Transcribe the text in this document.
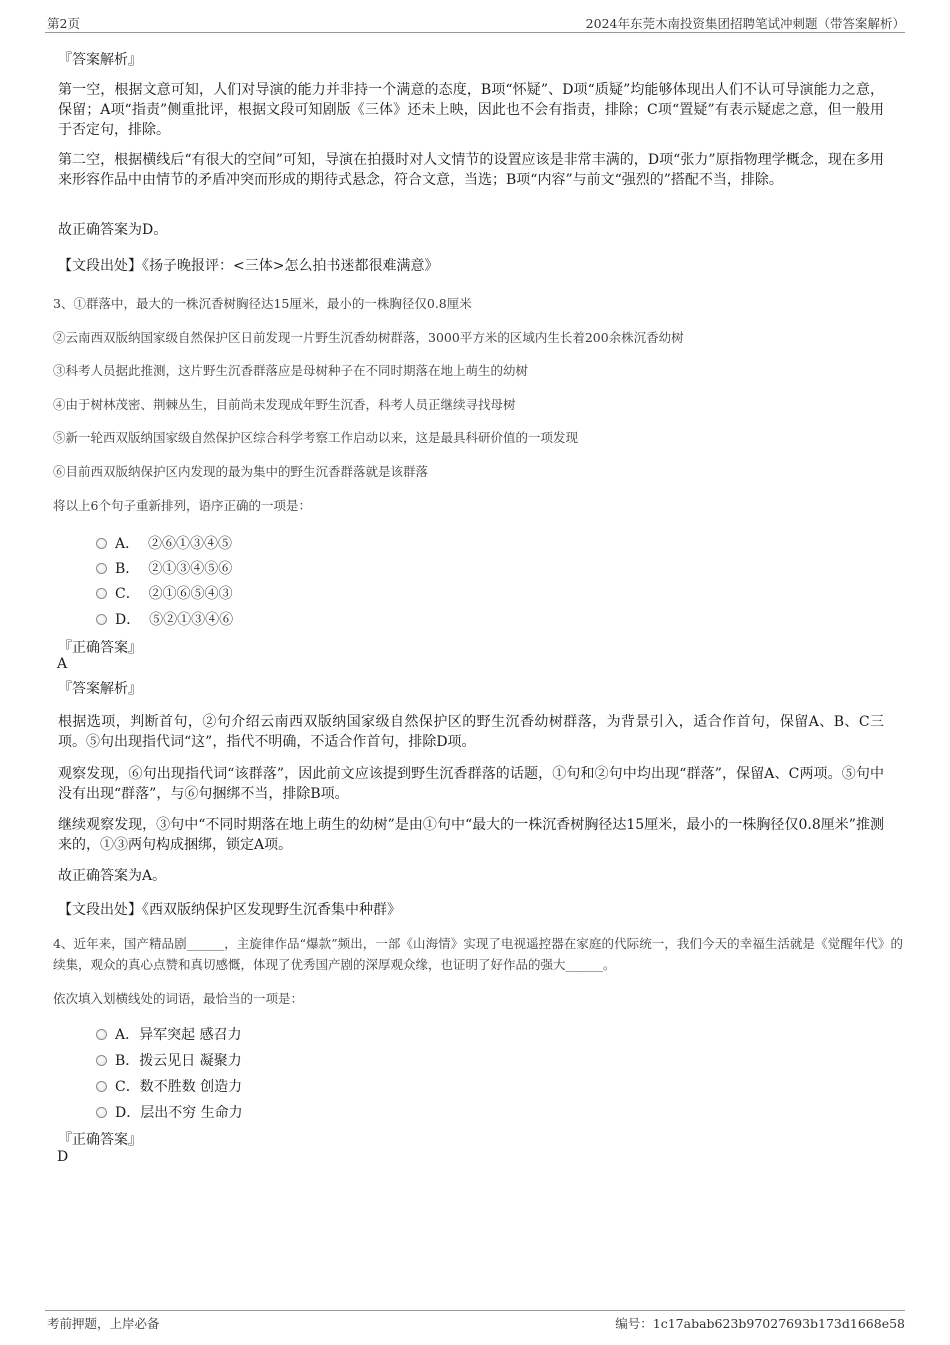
第2页	2024年东莞木南投资集团招聘笔试冲刺题（带答案解析）
『答案解析』
第一空，根据文意可知，人们对导演的能力并非持一个满意的态度，B项“怀疑”、D项“质疑”均能够体现出人们不认可导演能力之意，保留；A项“指责”侧重批评，根据文段可知剧版《三体》还未上映，因此也不会有指责，排除；C项“置疑”有表示疑虑之意，但一般用于否定句，排除。
第二空，根据横线后“有很大的空间”可知，导演在拍摄时对人文情节的设置应该是非常丰满的，D项“张力”原指物理学概念，现在多用来形容作品中由情节的矛盾冲突而形成的期待式悬念，符合文意，当选；B项“内容”与前文“强烈的”搭配不当，排除。
故正确答案为D。
【文段出处】《扬子晚报评：<三体>怎么拍书迷都很难满意》
3、①群落中，最大的一株沉香树胸径达15厘米，最小的一株胸径仅0.8厘米
②云南西双版纳国家级自然保护区日前发现一片野生沉香幼树群落，3000平方米的区域内生长着200余株沉香幼树
③科考人员据此推测，这片野生沉香群落应是母树种子在不同时期落在地上萌生的幼树
④由于树林茂密、荆棘丛生，目前尚未发现成年野生沉香，科考人员正继续寻找母树
⑤新一轮西双版纳国家级自然保护区综合科学考察工作启动以来，这是最具科研价值的一项发现
⑥目前西双版纳保护区内发现的最为集中的野生沉香群落就是该群落
将以上6个句子重新排列，语序正确的一项是：
A． ②⑥①③④⑤
B． ②①③④⑤⑥
C． ②①⑥⑤④③
D． ⑤②①③④⑥
『正确答案』
A
『答案解析』
根据选项，判断首句，②句介绍云南西双版纳国家级自然保护区的野生沉香幼树群落，为背景引入，适合作首句，保留A、B、C三项。⑤句出现指代词“这”，指代不明确，不适合作首句，排除D项。
观察发现，⑥句出现指代词“该群落”，因此前文应该提到野生沉香群落的话题，①句和②句中均出现“群落”，保留A、C两项。⑤句中没有出现“群落”，与⑥句捆绑不当，排除B项。
继续观察发现，③句中“不同时期落在地上萌生的幼树”是由①句中“最大的一株沉香树胸径达15厘米，最小的一株胸径仅0.8厘米”推测来的，①③两句构成捆绑，锁定A项。
故正确答案为A。
【文段出处】《西双版纳保护区发现野生沉香集中种群》
4、近年来，国产精品剧______，主旋律作品“爆款”频出，一部《山海情》实现了电视遥控器在家庭的代际统一，我们今天的幸福生活就是《觉醒年代》的续集，观众的真心点赞和真切感慨，体现了优秀国产剧的深厚观众缘，也证明了好作品的强大______。
依次填入划横线处的词语，最恰当的一项是：
A．异军突起 感召力
B．拨云见日 凝聚力
C．数不胜数 创造力
D．层出不穷 生命力
『正确答案』
D
考前押题，上岸必备	编号：1c17abab623b97027693b173d1668e58
